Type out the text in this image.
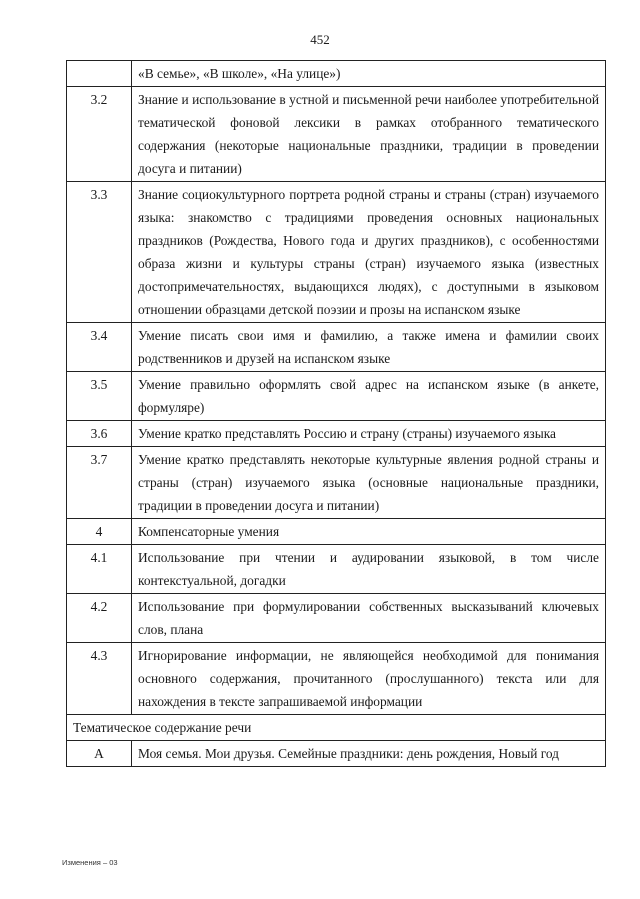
452
	«В семье», «В школе», «На улице»)
3.2	Знание и использование в устной и письменной речи наиболее употребительной тематической фоновой лексики в рамках отобранного тематического содержания (некоторые национальные праздники, традиции в проведении досуга и питании)
3.3	Знание социокультурного портрета родной страны и страны (стран) изучаемого языка: знакомство с традициями проведения основных национальных праздников (Рождества, Нового года и других праздников), с особенностями образа жизни и культуры страны (стран) изучаемого языка (известных достопримечательностях, выдающихся людях), с доступными в языковом отношении образцами детской поэзии и прозы на испанском языке
3.4	Умение писать свои имя и фамилию, а также имена и фамилии своих родственников и друзей на испанском языке
3.5	Умение правильно оформлять свой адрес на испанском языке (в анкете, формуляре)
3.6	Умение кратко представлять Россию и страну (страны) изучаемого языка
3.7	Умение кратко представлять некоторые культурные явления родной страны и страны (стран) изучаемого языка (основные национальные праздники, традиции в проведении досуга и питании)
4	Компенсаторные умения
4.1	Использование при чтении и аудировании языковой, в том числе контекстуальной, догадки
4.2	Использование при формулировании собственных высказываний ключевых слов, плана
4.3	Игнорирование информации, не являющейся необходимой для понимания основного содержания, прочитанного (прослушанного) текста или для нахождения в тексте запрашиваемой информации
Тематическое содержание речи	
А	Моя семья. Мои друзья. Семейные праздники: день рождения, Новый год
Изменения – 03
